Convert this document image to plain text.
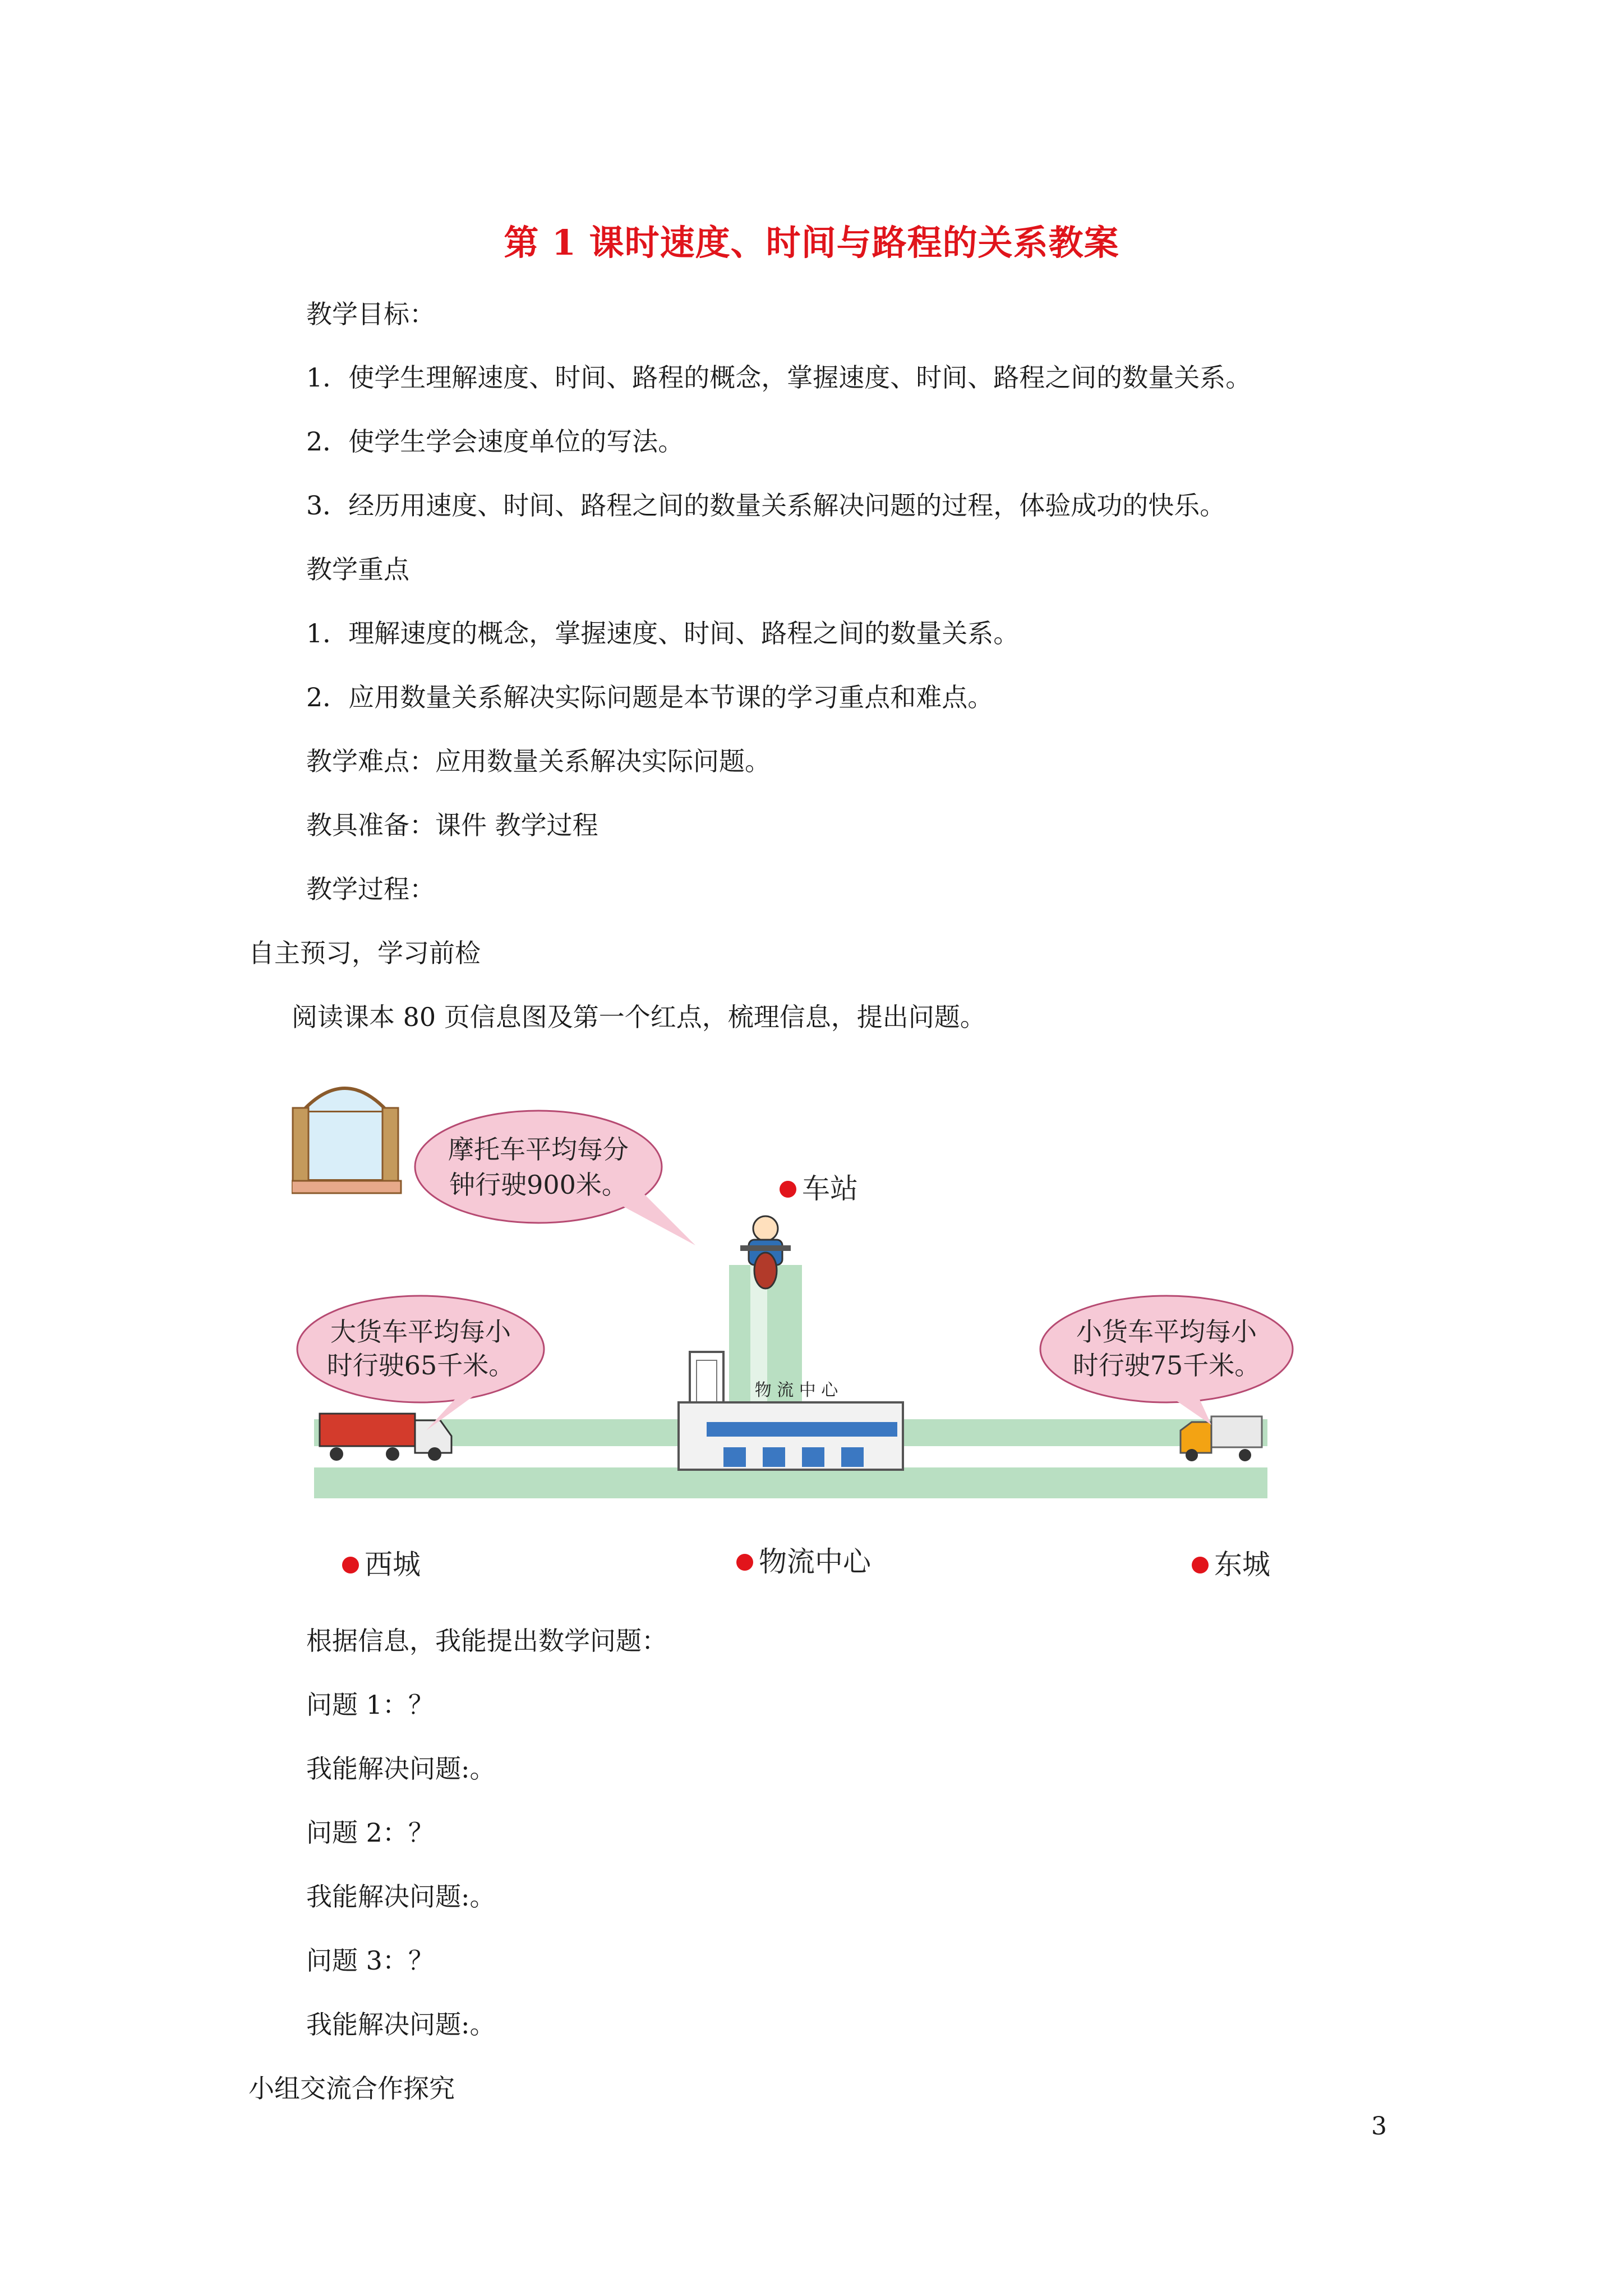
第 1 课时速度、时间与路程的关系教案
教学目标：
1．使学生理解速度、时间、路程的概念，掌握速度、时间、路程之间的数量关系。
2．使学生学会速度单位的写法。
3．经历用速度、时间、路程之间的数量关系解决问题的过程，体验成功的快乐。
教学重点
1．理解速度的概念，掌握速度、时间、路程之间的数量关系。
2．应用数量关系解决实际问题是本节课的学习重点和难点。
教学难点：应用数量关系解决实际问题。
教具准备：课件 教学过程
教学过程：
自主预习，学习前检
阅读课本 80 页信息图及第一个红点，梳理信息，提出问题。
物 流 中 心
摩托车平均每分
钟行驶900米。
大货车平均每小
时行驶65千米。
小货车平均每小
时行驶75千米。
车站
西城	物流中心	东城
根据信息，我能提出数学问题：
问题 1：？
我能解决问题:。
问题 2：？
我能解决问题:。
问题 3：？
我能解决问题:。
小组交流合作探究
3
